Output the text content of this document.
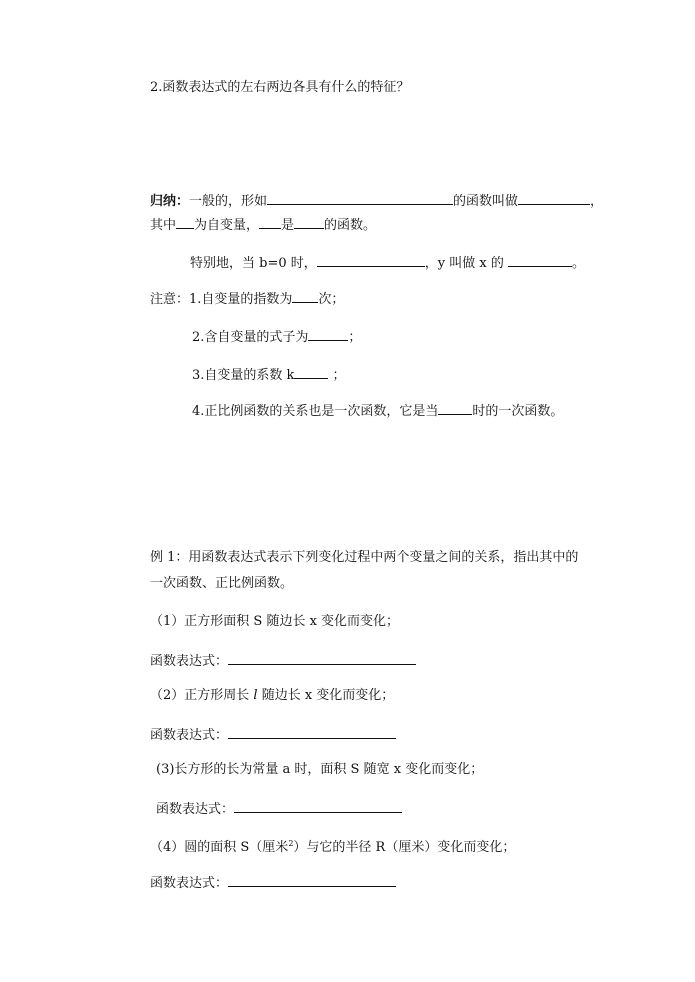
2.函数表达式的左右两边各具有什么的特征？
归纳：一般的，形如	的函数叫做	，
其中 为自变量， 是 的函数。
特别地，当 b=0 时，	，y 叫做 x 的	。
注意：1.自变量的指数为 次；
2.含自变量的式子为	；
3.自变量的系数 k	；
4.正比例函数的关系也是一次函数，它是当	时的一次函数。
例 1：用函数表达式表示下列变化过程中两个变量之间的关系，指出其中的
一次函数、正比例函数。
（1）正方形面积 S 随边长 x 变化而变化；
函数表达式：
（2）正方形周长 l 随边长 x 变化而变化；
函数表达式：
(3)长方形的长为常量 a 时，面积 S 随宽 x 变化而变化；
函数表达式：
（4）圆的面积 S（厘米$^2$）与它的半径 R（厘米）变化而变化；
函数表达式：
